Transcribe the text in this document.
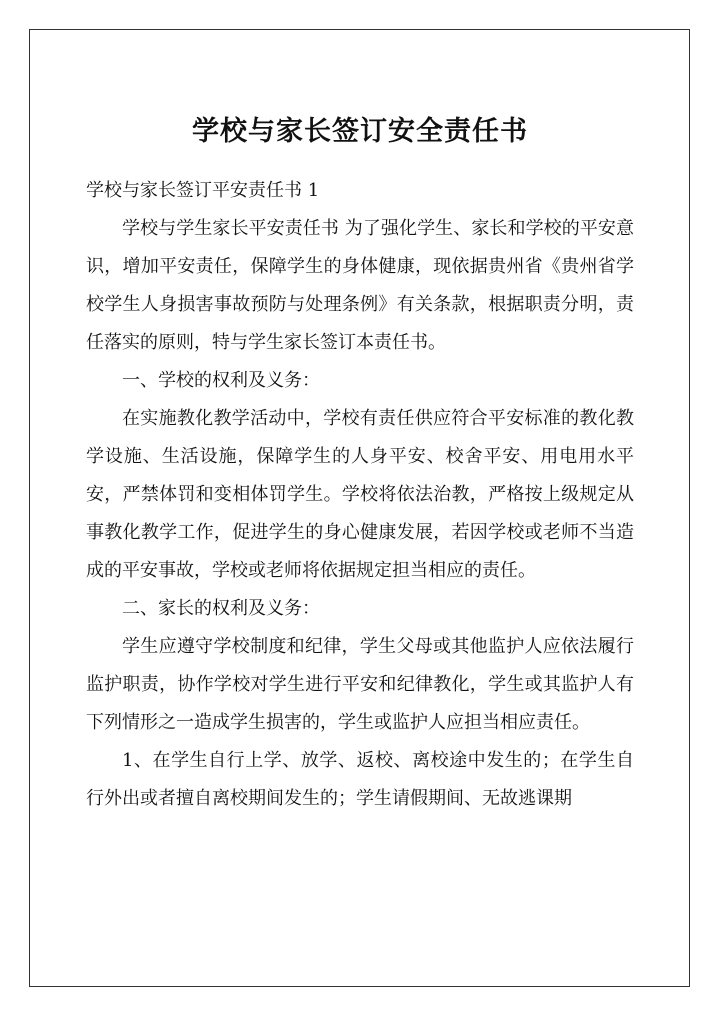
学校与家长签订安全责任书

学校与家长签订平安责任书 1

学校与学生家长平安责任书 为了强化学生、家长和学校的平安意识，增加平安责任，保障学生的身体健康，现依据贵州省《贵州省学校学生人身损害事故预防与处理条例》有关条款，根据职责分明，责任落实的原则，特与学生家长签订本责任书。

一、学校的权利及义务：

在实施教化教学活动中，学校有责任供应符合平安标准的教化教学设施、生活设施，保障学生的人身平安、校舍平安、用电用水平安，严禁体罚和变相体罚学生。学校将依法治教，严格按上级规定从事教化教学工作，促进学生的身心健康发展，若因学校或老师不当造成的平安事故，学校或老师将依据规定担当相应的责任。

二、家长的权利及义务：

学生应遵守学校制度和纪律，学生父母或其他监护人应依法履行监护职责，协作学校对学生进行平安和纪律教化，学生或其监护人有下列情形之一造成学生损害的，学生或监护人应担当相应责任。

1、在学生自行上学、放学、返校、离校途中发生的；在学生自行外出或者擅自离校期间发生的；学生请假期间、无故逃课期
